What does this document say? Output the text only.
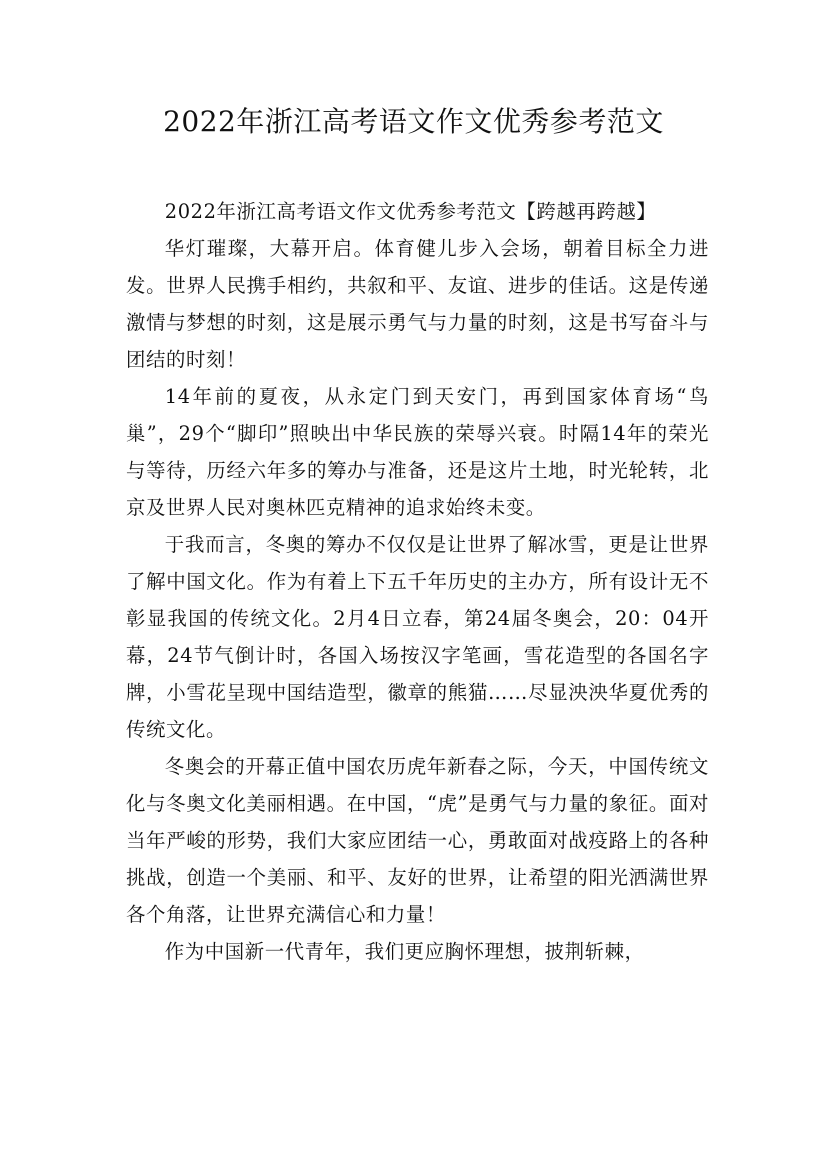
2022年浙江高考语文作文优秀参考范文

2022年浙江高考语文作文优秀参考范文【跨越再跨越】

华灯璀璨，大幕开启。体育健儿步入会场，朝着目标全力进发。世界人民携手相约，共叙和平、友谊、进步的佳话。这是传递激情与梦想的时刻，这是展示勇气与力量的时刻，这是书写奋斗与团结的时刻！

14年前的夏夜，从永定门到天安门，再到国家体育场“鸟巢”，29个“脚印”照映出中华民族的荣辱兴衰。时隔14年的荣光与等待，历经六年多的筹办与准备，还是这片土地，时光轮转，北京及世界人民对奥林匹克精神的追求始终未变。

于我而言，冬奥的筹办不仅仅是让世界了解冰雪，更是让世界了解中国文化。作为有着上下五千年历史的主办方，所有设计无不彰显我国的传统文化。2月4日立春，第24届冬奥会，20：04开幕，24节气倒计时，各国入场按汉字笔画，雪花造型的各国名字牌，小雪花呈现中国结造型，徽章的熊猫……尽显泱泱华夏优秀的传统文化。

冬奥会的开幕正值中国农历虎年新春之际，今天，中国传统文化与冬奥文化美丽相遇。在中国，“虎”是勇气与力量的象征。面对当年严峻的形势，我们大家应团结一心，勇敢面对战疫路上的各种挑战，创造一个美丽、和平、友好的世界，让希望的阳光洒满世界各个角落，让世界充满信心和力量！

作为中国新一代青年，我们更应胸怀理想，披荆斩棘，
